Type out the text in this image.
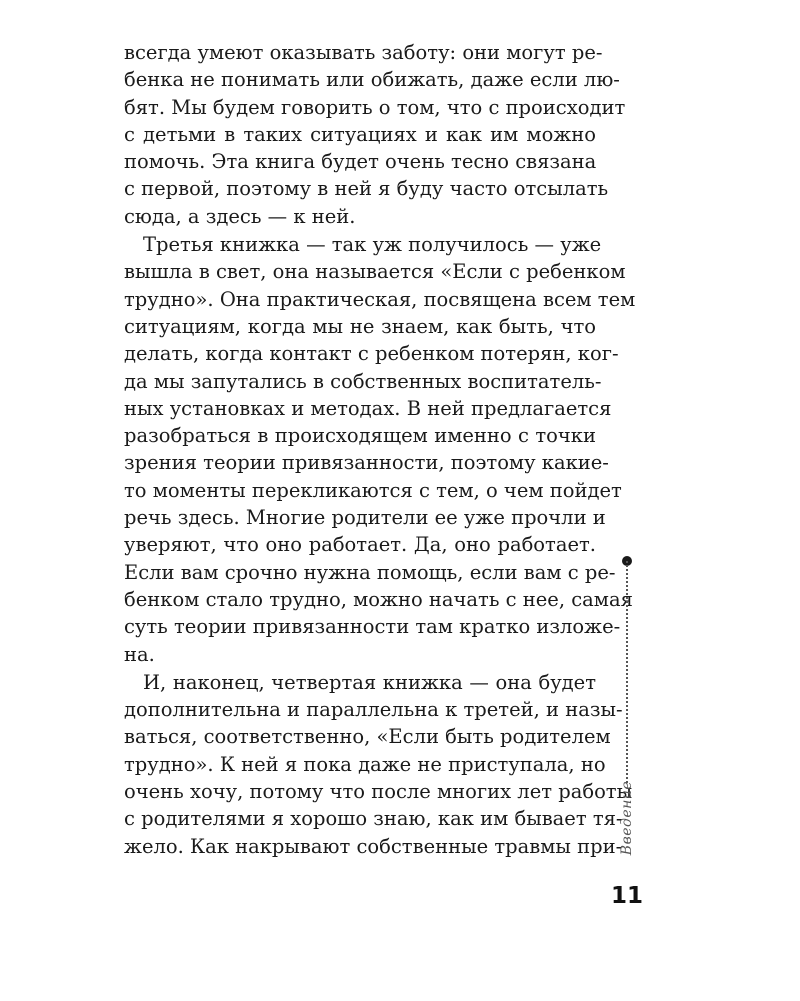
всегда умеют оказывать заботу: они могут ре-
бенка не понимать или обижать, даже если лю-
бят. Мы будем говорить о том, что с происходит
с детьми в таких ситуациях и как им можно
помочь. Эта книга будет очень тесно связана
с первой, поэтому в ней я буду часто отсылать
сюда, а здесь — к ней.
Третья книжка — так уж получилось — уже
вышла в свет, она называется «Если с ребенком
трудно». Она практическая, посвящена всем тем
ситуациям, когда мы не знаем, как быть, что
делать, когда контакт с ребенком потерян, ког-
да мы запутались в собственных воспитатель-
ных установках и методах. В ней предлагается
разобраться в происходящем именно с точки
зрения теории привязанности, поэтому какие-
то моменты перекликаются с тем, о чем пойдет
речь здесь. Многие родители ее уже прочли и
уверяют, что оно работает. Да, оно работает.
Если вам срочно нужна помощь, если вам с ре-
бенком стало трудно, можно начать с нее, самая
суть теории привязанности там кратко изложе-
на.
И, наконец, четвертая книжка — она будет
дополнительна и параллельна к третей, и назы-
ваться, соответственно, «Если быть родителем
трудно». К ней я пока даже не приступала, но
очень хочу, потому что после многих лет работы
с родителями я хорошо знаю, как им бывает тя-
жело. Как накрывают собственные травмы при-
Введение
11
